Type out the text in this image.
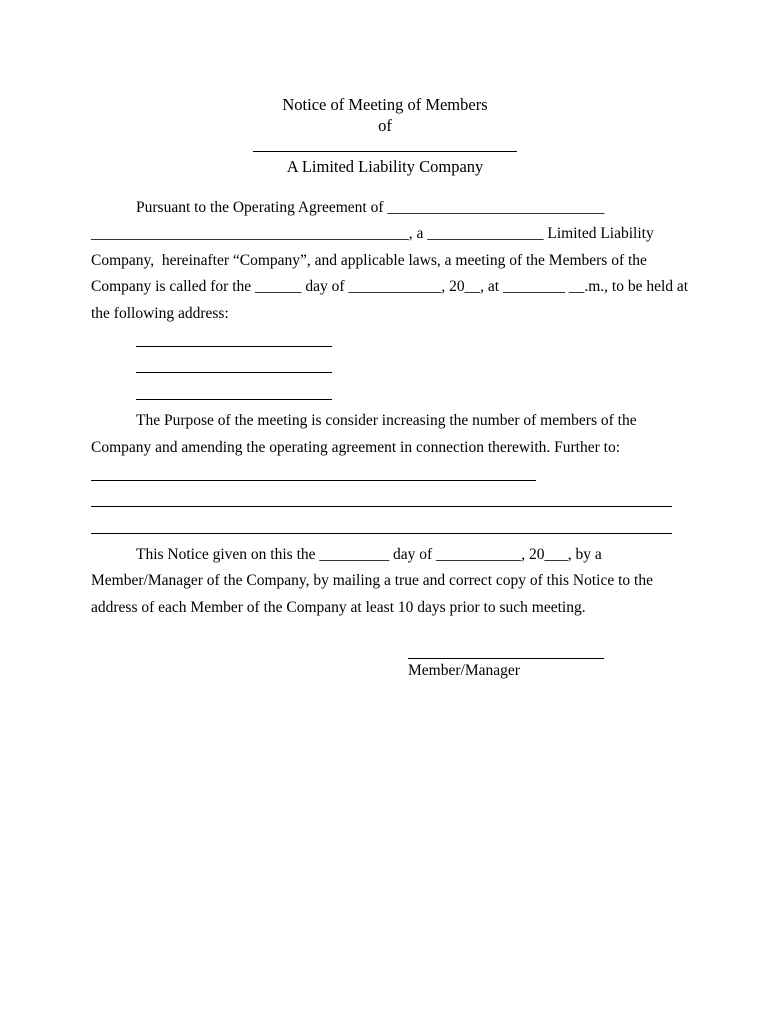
Notice of Meeting of Members
of
A Limited Liability Company
Pursuant to the Operating Agreement of ____________________________
_________________________________________, a _______________ Limited Liability
Company,  hereinafter “Company”, and applicable laws, a meeting of the Members of the
Company is called for the ______ day of ____________, 20__, at ________ __.m., to be held at
the following address:
The Purpose of the meeting is consider increasing the number of members of the
Company and amending the operating agreement in connection therewith. Further to:
This Notice given on this the _________ day of ___________, 20___, by a
Member/Manager of the Company, by mailing a true and correct copy of this Notice to the
address of each Member of the Company at least 10 days prior to such meeting.
Member/Manager
